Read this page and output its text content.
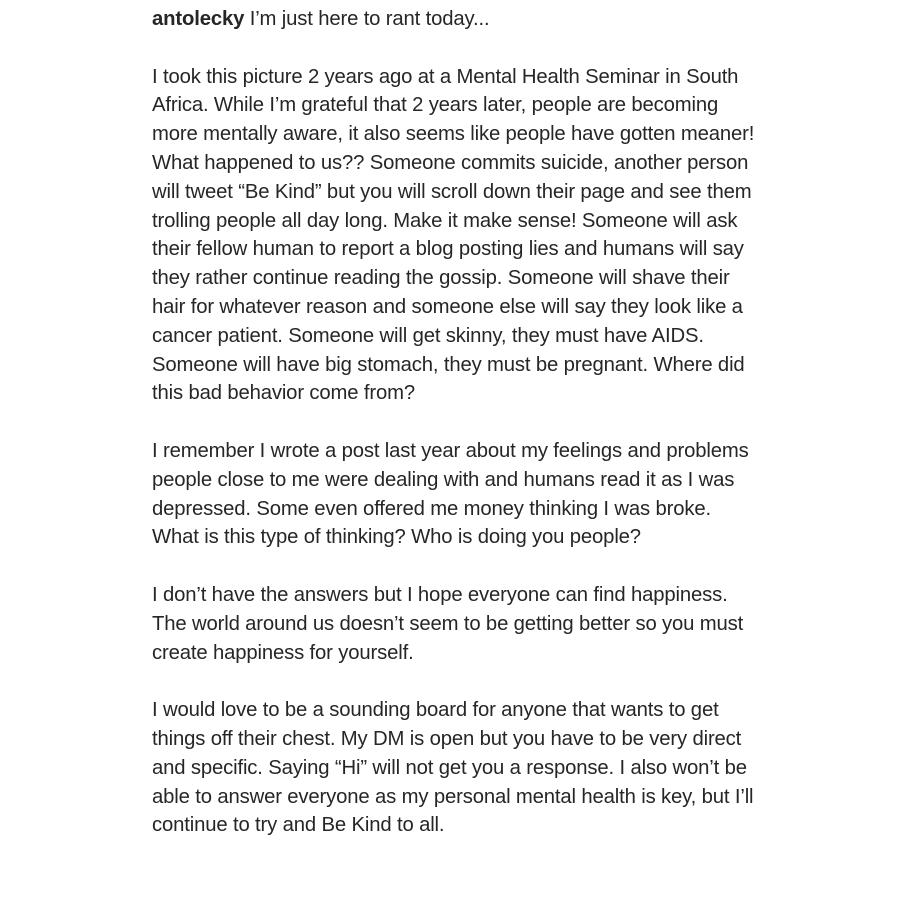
antolecky I’m just here to rant today...

I took this picture 2 years ago at a Mental Health Seminar in South Africa. While I’m grateful that 2 years later, people are becoming more mentally aware, it also seems like people have gotten meaner! What happened to us?? Someone commits suicide, another person will tweet “Be Kind” but you will scroll down their page and see them trolling people all day long. Make it make sense! Someone will ask their fellow human to report a blog posting lies and humans will say they rather continue reading the gossip. Someone will shave their hair for whatever reason and someone else will say they look like a cancer patient. Someone will get skinny, they must have AIDS. Someone will have big stomach, they must be pregnant. Where did this bad behavior come from?

I remember I wrote a post last year about my feelings and problems people close to me were dealing with and humans read it as I was depressed. Some even offered me money thinking I was broke. What is this type of thinking? Who is doing you people?

I don’t have the answers but I hope everyone can find happiness. The world around us doesn’t seem to be getting better so you must create happiness for yourself.

I would love to be a sounding board for anyone that wants to get things off their chest. My DM is open but you have to be very direct and specific. Saying “Hi” will not get you a response. I also won’t be able to answer everyone as my personal mental health is key, but I’ll continue to try and Be Kind to all.
